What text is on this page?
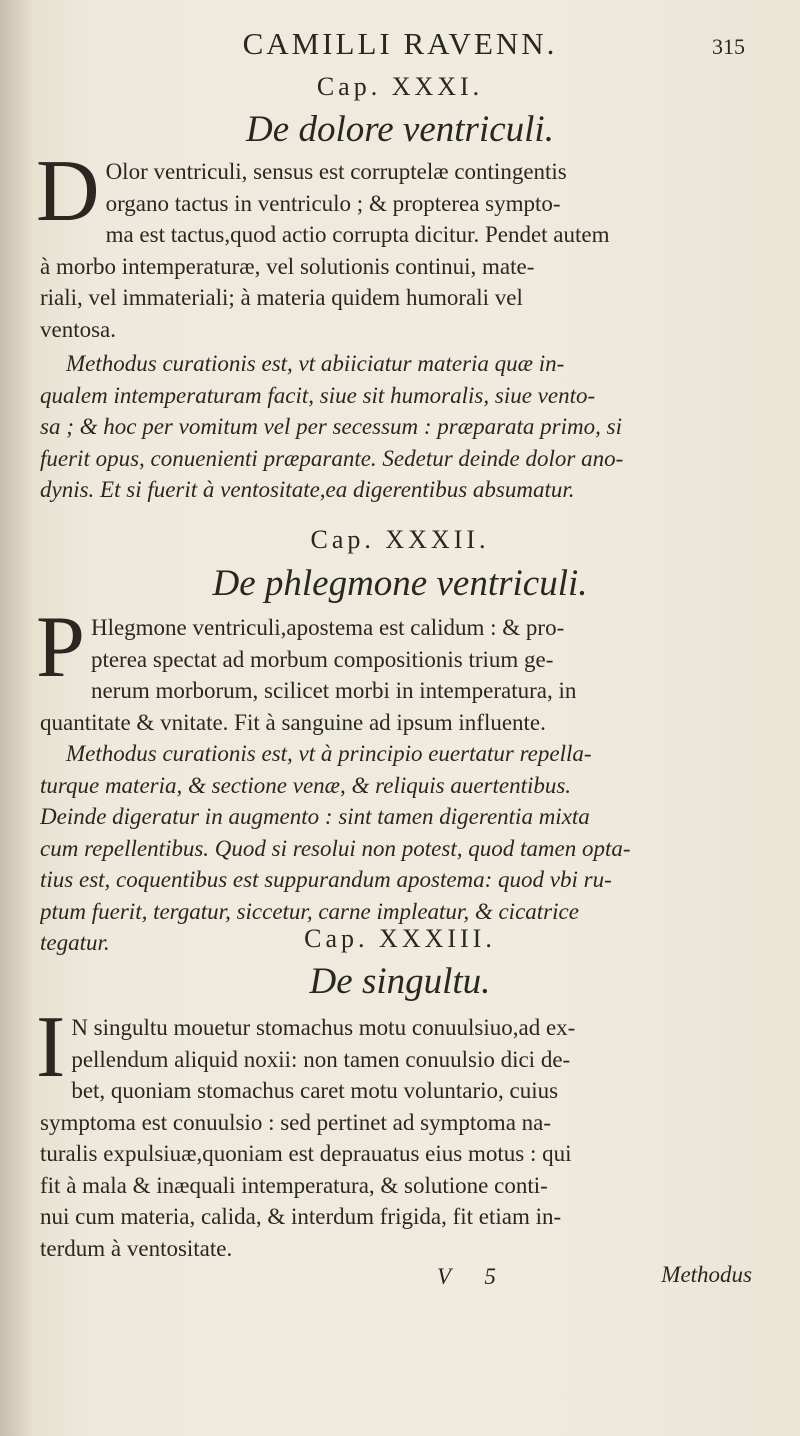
CAMILLI RAVENN.	315
Cap. XXXI.
De dolore ventriculi.
D Olor ventriculi, sensus est corruptelæ contingentis
organo tactus in ventriculo ; & propterea sympto-
ma est tactus,quod actio corrupta dicitur. Pendet autem
à morbo intemperaturæ, vel solutionis continui, mate-
riali, vel immateriali; à materia quidem humorali vel
ventosa.
Methodus curationis est, vt abiiciatur materia quæ in-
qualem intemperaturam facit, siue sit humoralis, siue vento-
sa ; & hoc per vomitum vel per secessum : præparata primo, si
fuerit opus, conuenienti præparante. Sedetur deinde dolor ano-
dynis. Et si fuerit à ventositate,ea digerentibus absumatur.
Cap. XXXII.
De phlegmone ventriculi.
P Hlegmone ventriculi,apostema est calidum : & pro-
pterea spectat ad morbum compositionis trium ge-
nerum morborum, scilicet morbi in intemperatura, in
quantitate & vnitate. Fit à sanguine ad ipsum influente.
Methodus curationis est, vt à principio euertatur repella-
turque materia, & sectione venæ, & reliquis auertentibus.
Deinde digeratur in augmento : sint tamen digerentia mixta
cum repellentibus. Quod si resolui non potest, quod tamen opta-
tius est, coquentibus est suppurandum apostema: quod vbi ru-
ptum fuerit, tergatur, siccetur, carne impleatur, & cicatrice
tegatur.	Cap. XXXIII.
De singultu.
I N singultu mouetur stomachus motu conuulsiuo,ad ex-
pellendum aliquid noxii: non tamen conuulsio dici de-
bet, quoniam stomachus caret motu voluntario, cuius
symptoma est conuulsio : sed pertinet ad symptoma na-
turalis expulsiuæ,quoniam est deprauatus eius motus : qui
fit à mala & inæquali intemperatura, & solutione conti-
nui cum materia, calida, & interdum frigida, fit etiam in-
terdum à ventositate.
V 5	Methodus
